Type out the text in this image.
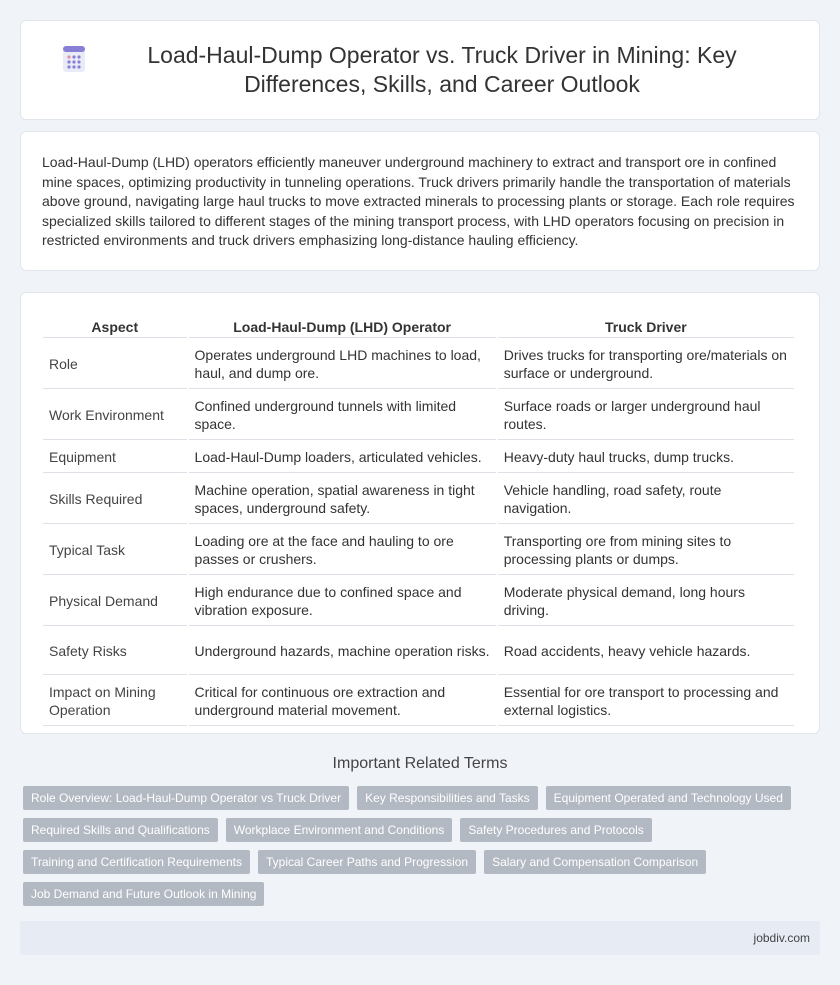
Load-Haul-Dump Operator vs. Truck Driver in Mining: Key Differences, Skills, and Career Outlook

Load-Haul-Dump (LHD) operators efficiently maneuver underground machinery to extract and transport ore in confined mine spaces, optimizing productivity in tunneling operations. Truck drivers primarily handle the transportation of materials above ground, navigating large haul trucks to move extracted minerals to processing plants or storage. Each role requires specialized skills tailored to different stages of the mining transport process, with LHD operators focusing on precision in restricted environments and truck drivers emphasizing long-distance hauling efficiency.

Aspect	Load-Haul-Dump (LHD) Operator	Truck Driver
Role	Operates underground LHD machines to load, haul, and dump ore.	Drives trucks for transporting ore/materials on surface or underground.
Work Environment	Confined underground tunnels with limited space.	Surface roads or larger underground haul routes.
Equipment	Load-Haul-Dump loaders, articulated vehicles.	Heavy-duty haul trucks, dump trucks.
Skills Required	Machine operation, spatial awareness in tight spaces, underground safety.	Vehicle handling, road safety, route navigation.
Typical Task	Loading ore at the face and hauling to ore passes or crushers.	Transporting ore from mining sites to processing plants or dumps.
Physical Demand	High endurance due to confined space and vibration exposure.	Moderate physical demand, long hours driving.
Safety Risks	Underground hazards, machine operation risks.	Road accidents, heavy vehicle hazards.
Impact on Mining Operation	Critical for continuous ore extraction and underground material movement.	Essential for ore transport to processing and external logistics.
Important Related Terms
Role Overview: Load-Haul-Dump Operator vs Truck Driver	Key Responsibilities and Tasks	Equipment Operated and Technology Used
Required Skills and Qualifications	Workplace Environment and Conditions	Safety Procedures and Protocols
Training and Certification Requirements	Typical Career Paths and Progression	Salary and Compensation Comparison
Job Demand and Future Outlook in Mining
jobdiv.com
